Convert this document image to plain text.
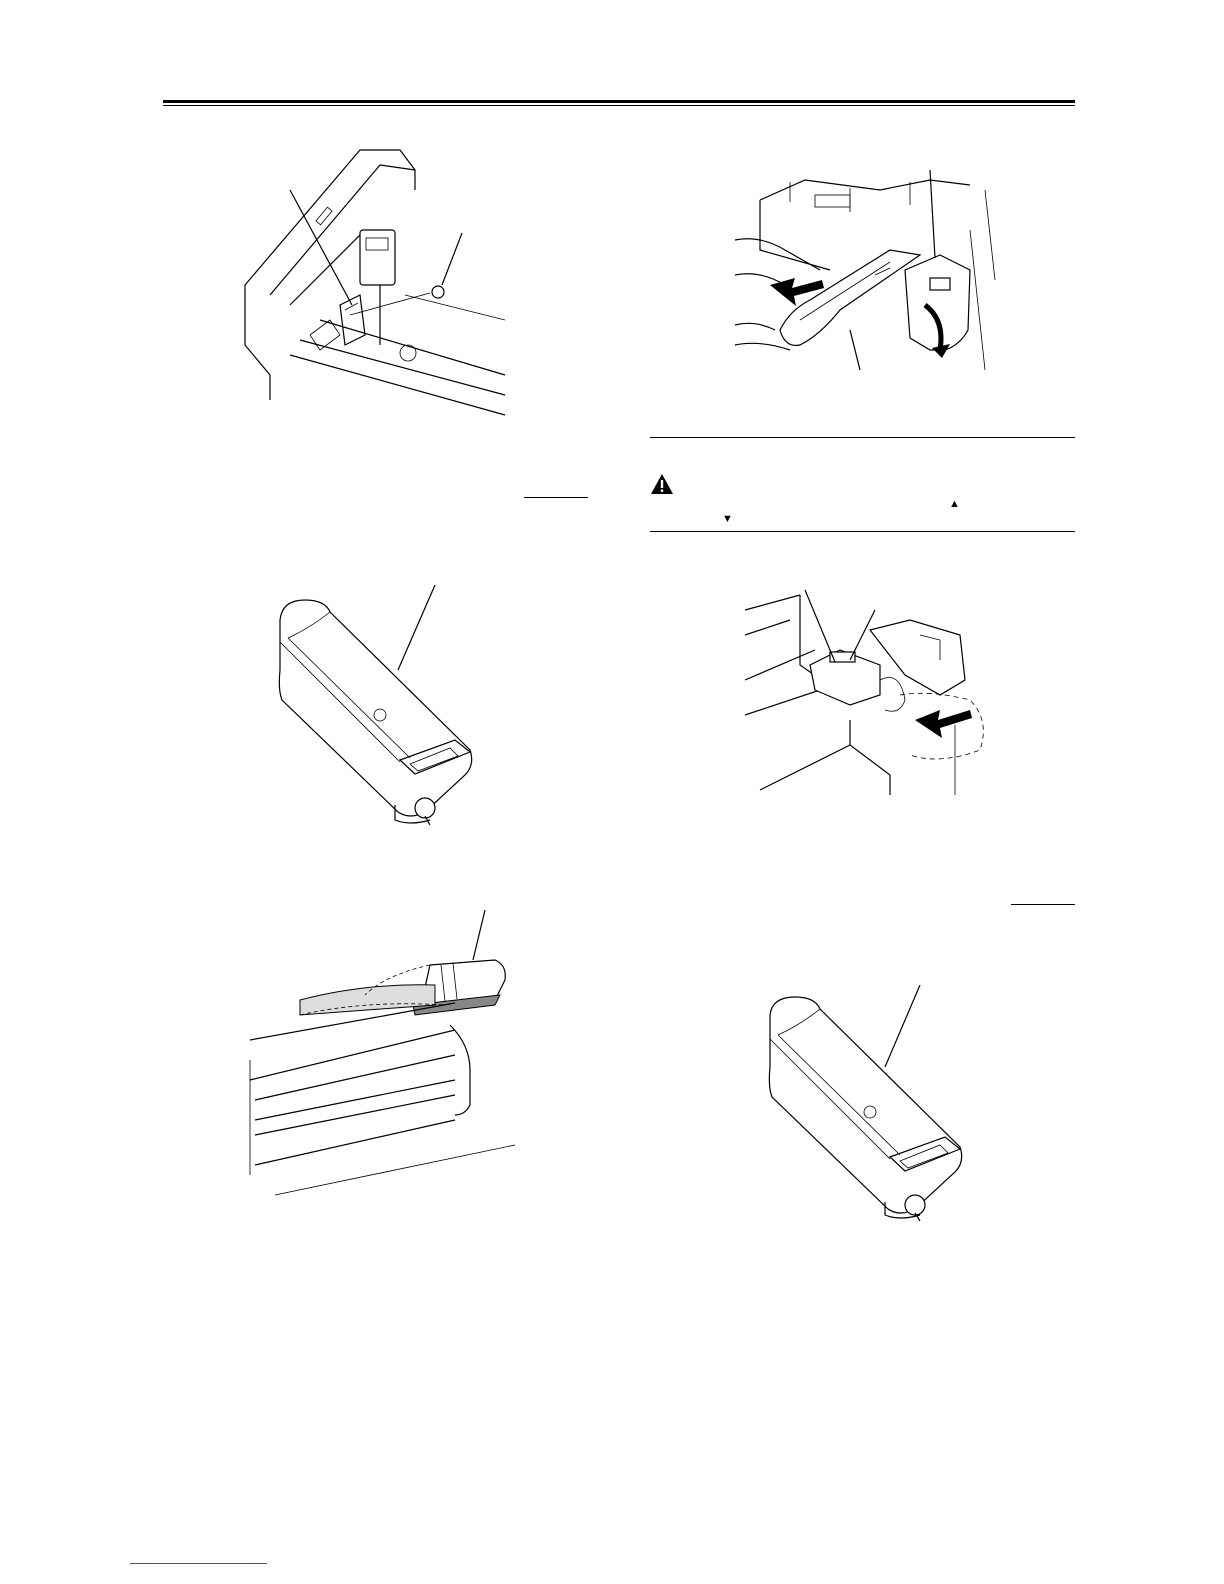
▲
▼
